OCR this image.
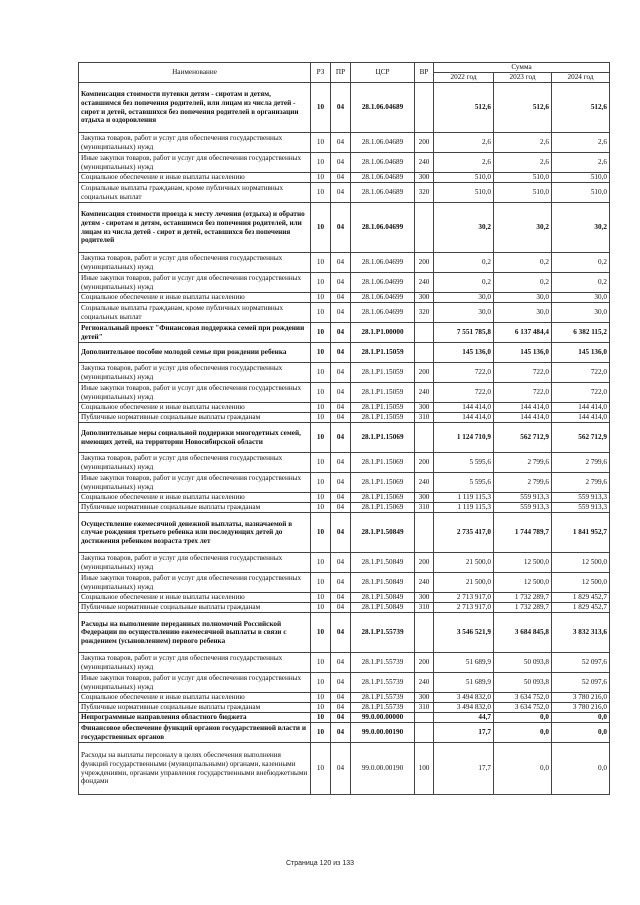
Наименование	РЗ	ПР	ЦСР	ВР	Сумма		
					2022 год	2023 год	2024 год
Компенсация стоимости путевки детям - сиротам и детям, оставшимся без попечения родителей, или лицам из числа детей - сирот и детей, оставшихся без попечения родителей в организации отдыха и оздоровления	10	04	28.1.06.04689		512,6	512,6	512,6
Закупка товаров, работ и услуг для обеспечения государственных (муниципальных) нужд	10	04	28.1.06.04689	200	2,6	2,6	2,6
Иные закупки товаров, работ и услуг для обеспечения государственных (муниципальных) нужд	10	04	28.1.06.04689	240	2,6	2,6	2,6
Социальное обеспечение и иные выплаты населению	10	04	28.1.06.04689	300	510,0	510,0	510,0
Социальные выплаты гражданам, кроме публичных нормативных социальных выплат	10	04	28.1.06.04689	320	510,0	510,0	510,0
Компенсация стоимости проезда к месту лечения (отдыха) и обратно детям - сиротам и детям, оставшимся без попечения родителей, или лицам из числа детей - сирот и детей, оставшихся без попечения родителей	10	04	28.1.06.04699		30,2	30,2	30,2
Закупка товаров, работ и услуг для обеспечения государственных (муниципальных) нужд	10	04	28.1.06.04699	200	0,2	0,2	0,2
Иные закупки товаров, работ и услуг для обеспечения государственных (муниципальных) нужд	10	04	28.1.06.04699	240	0,2	0,2	0,2
Социальное обеспечение и иные выплаты населению	10	04	28.1.06.04699	300	30,0	30,0	30,0
Социальные выплаты гражданам, кроме публичных нормативных социальных выплат	10	04	28.1.06.04699	320	30,0	30,0	30,0
Региональный проект "Финансовая поддержка семей при рождении детей"	10	04	28.1.P1.00000		7 551 785,8	6 137 484,4	6 382 115,2
Дополнительное пособие молодой семье при рождении ребенка	10	04	28.1.P1.15059		145 136,0	145 136,0	145 136,0
Закупка товаров, работ и услуг для обеспечения государственных (муниципальных) нужд	10	04	28.1.P1.15059	200	722,0	722,0	722,0
Иные закупки товаров, работ и услуг для обеспечения государственных (муниципальных) нужд	10	04	28.1.P1.15059	240	722,0	722,0	722,0
Социальное обеспечение и иные выплаты населению	10	04	28.1.P1.15059	300	144 414,0	144 414,0	144 414,0
Публичные нормативные социальные выплаты гражданам	10	04	28.1.P1.15059	310	144 414,0	144 414,0	144 414,0
Дополнительные меры социальной поддержки многодетных семей, имеющих детей, на территории Новосибирской области	10	04	28.1.P1.15069		1 124 710,9	562 712,9	562 712,9
Закупка товаров, работ и услуг для обеспечения государственных (муниципальных) нужд	10	04	28.1.P1.15069	200	5 595,6	2 799,6	2 799,6
Иные закупки товаров, работ и услуг для обеспечения государственных (муниципальных) нужд	10	04	28.1.P1.15069	240	5 595,6	2 799,6	2 799,6
Социальное обеспечение и иные выплаты населению	10	04	28.1.P1.15069	300	1 119 115,3	559 913,3	559 913,3
Публичные нормативные социальные выплаты гражданам	10	04	28.1.P1.15069	310	1 119 115,3	559 913,3	559 913,3
Осуществление ежемесячной денежной выплаты, назначаемой в случае рождения третьего ребенка или последующих детей до достижения ребенком возраста трех лет	10	04	28.1.P1.50849		2 735 417,0	1 744 789,7	1 841 952,7
Закупка товаров, работ и услуг для обеспечения государственных (муниципальных) нужд	10	04	28.1.P1.50849	200	21 500,0	12 500,0	12 500,0
Иные закупки товаров, работ и услуг для обеспечения государственных (муниципальных) нужд	10	04	28.1.P1.50849	240	21 500,0	12 500,0	12 500,0
Социальное обеспечение и иные выплаты населению	10	04	28.1.P1.50849	300	2 713 917,0	1 732 289,7	1 829 452,7
Публичные нормативные социальные выплаты гражданам	10	04	28.1.P1.50849	310	2 713 917,0	1 732 289,7	1 829 452,7
Расходы на выполнение переданных полномочий Российской Федерации по осуществлению ежемесячной выплаты в связи с рождением (усыновлением) первого ребенка	10	04	28.1.P1.55739		3 546 521,9	3 684 845,8	3 832 313,6
Закупка товаров, работ и услуг для обеспечения государственных (муниципальных) нужд	10	04	28.1.P1.55739	200	51 689,9	50 093,8	52 097,6
Иные закупки товаров, работ и услуг для обеспечения государственных (муниципальных) нужд	10	04	28.1.P1.55739	240	51 689,9	50 093,8	52 097,6
Социальное обеспечение и иные выплаты населению	10	04	28.1.P1.55739	300	3 494 832,0	3 634 752,0	3 780 216,0
Публичные нормативные социальные выплаты гражданам	10	04	28.1.P1.55739	310	3 494 832,0	3 634 752,0	3 780 216,0
Непрограммные направления областного бюджета	10	04	99.0.00.00000		44,7	0,0	0,0
Финансовое обеспечение функций органов государственной власти и государственных органов	10	04	99.0.00.00190		17,7	0,0	0,0
Расходы на выплаты персоналу в целях обеспечения выполнения функций государственными (муниципальными) органами, казенными учреждениями, органами управления государственными внебюджетными фондами	10	04	99.0.00.00190	100	17,7	0,0	0,0
Страница 120 из 133
